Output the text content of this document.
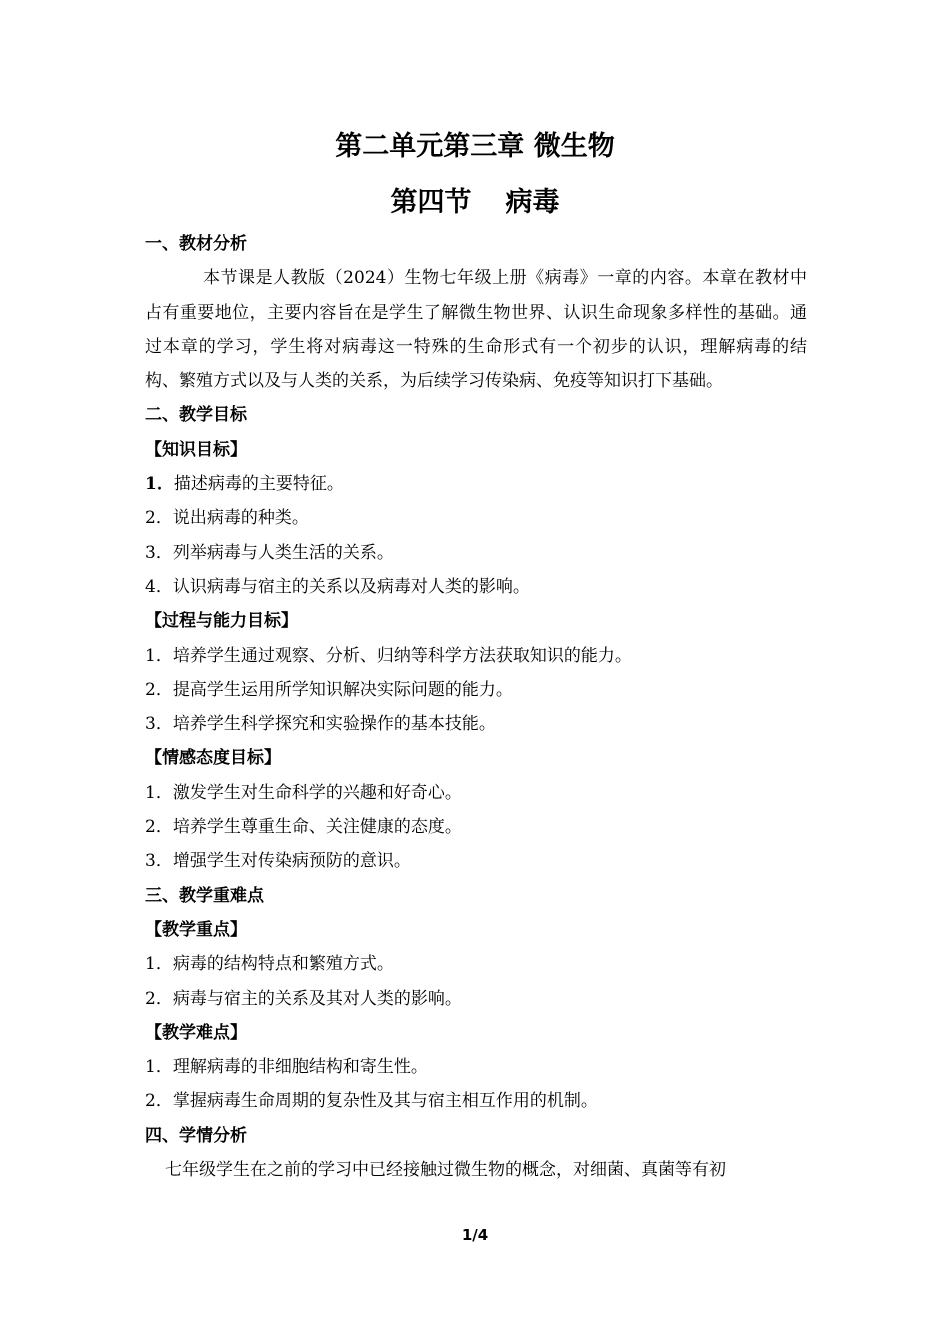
第二单元第三章 微生物
第四节 病毒
一、教材分析
本节课是人教版（2024）生物七年级上册《病毒》一章的内容。本章在教材中占有重要地位，主要内容旨在是学生了解微生物世界、认识生命现象多样性的基础。通过本章的学习，学生将对病毒这一特殊的生命形式有一个初步的认识，理解病毒的结构、繁殖方式以及与人类的关系，为后续学习传染病、免疫等知识打下基础。
二、教学目标
【知识目标】
1．描述病毒的主要特征。
2．说出病毒的种类。
3．列举病毒与人类生活的关系。
4．认识病毒与宿主的关系以及病毒对人类的影响。
【过程与能力目标】
1．培养学生通过观察、分析、归纳等科学方法获取知识的能力。
2．提高学生运用所学知识解决实际问题的能力。
3．培养学生科学探究和实验操作的基本技能。
【情感态度目标】
1．激发学生对生命科学的兴趣和好奇心。
2．培养学生尊重生命、关注健康的态度。
3．增强学生对传染病预防的意识。
三、教学重难点
【教学重点】
1．病毒的结构特点和繁殖方式。
2．病毒与宿主的关系及其对人类的影响。
【教学难点】
1．理解病毒的非细胞结构和寄生性。
2．掌握病毒生命周期的复杂性及其与宿主相互作用的机制。
四、学情分析
七年级学生在之前的学习中已经接触过微生物的概念，对细菌、真菌等有初
1/4
